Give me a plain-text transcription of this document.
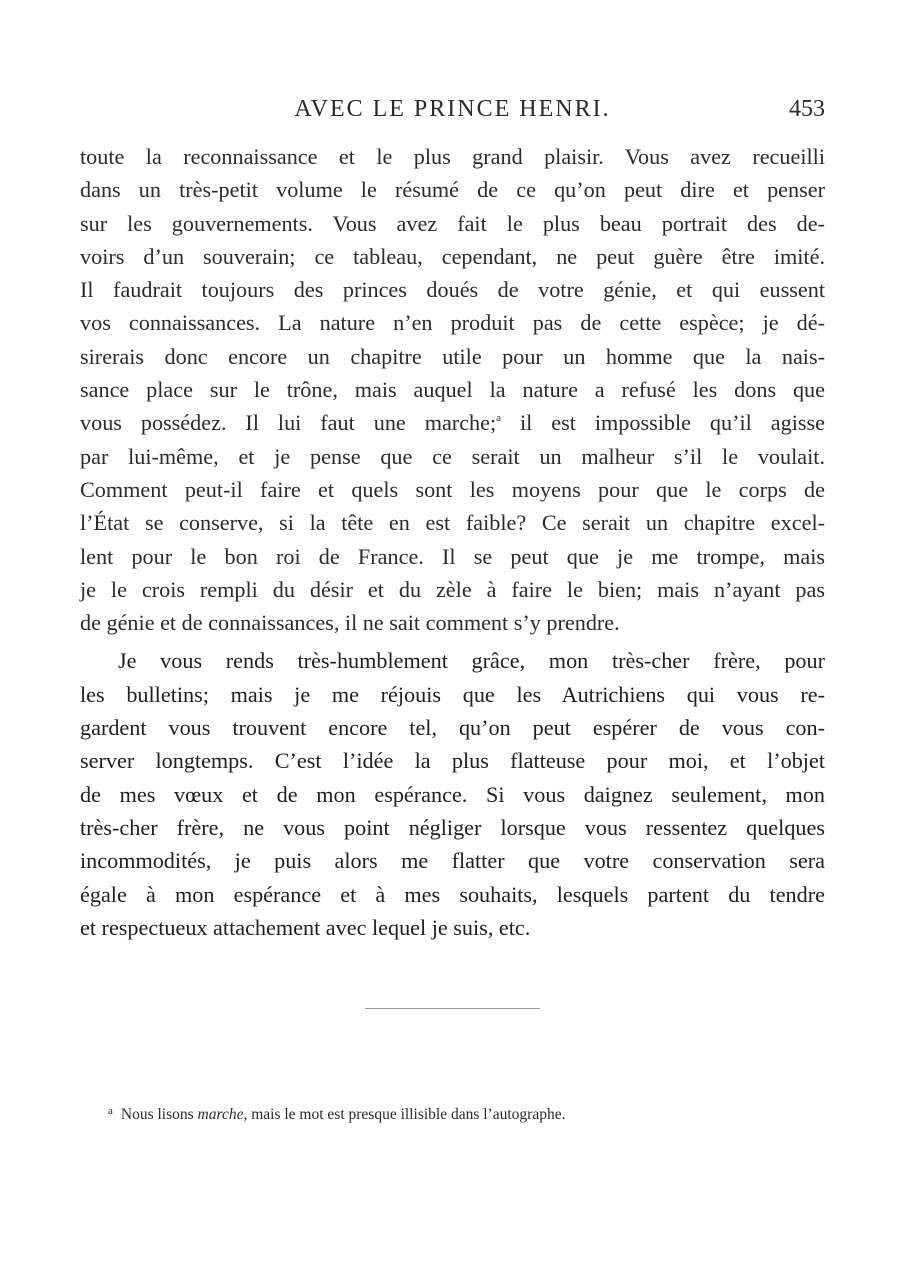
AVEC LE PRINCE HENRI.	453
toute la reconnaissance et le plus grand plaisir. Vous avez recueilli
dans un très-petit volume le résumé de ce qu’on peut dire et penser
sur les gouvernements. Vous avez fait le plus beau portrait des de-
voirs d’un souverain; ce tableau, cependant, ne peut guère être imité.
Il faudrait toujours des princes doués de votre génie, et qui eussent
vos connaissances. La nature n’en produit pas de cette espèce; je dé-
sirerais donc encore un chapitre utile pour un homme que la nais-
sance place sur le trône, mais auquel la nature a refusé les dons que
vous possédez. Il lui faut une marche;$^a$ il est impossible qu’il agisse
par lui-même, et je pense que ce serait un malheur s’il le voulait.
Comment peut-il faire et quels sont les moyens pour que le corps de
l’État se conserve, si la tête en est faible? Ce serait un chapitre excel-
lent pour le bon roi de France. Il se peut que je me trompe, mais
je le crois rempli du désir et du zèle à faire le bien; mais n’ayant pas
de génie et de connaissances, il ne sait comment s’y prendre.
Je vous rends très-humblement grâce, mon très-cher frère, pour
les bulletins; mais je me réjouis que les Autrichiens qui vous re-
gardent vous trouvent encore tel, qu’on peut espérer de vous con-
server longtemps. C’est l’idée la plus flatteuse pour moi, et l’objet
de mes vœux et de mon espérance. Si vous daignez seulement, mon
très-cher frère, ne vous point négliger lorsque vous ressentez quelques
incommodités, je puis alors me flatter que votre conservation sera
égale à mon espérance et à mes souhaits, lesquels partent du tendre
et respectueux attachement avec lequel je suis, etc.
$^a$ Nous lisons marche, mais le mot est presque illisible dans l’autographe.
